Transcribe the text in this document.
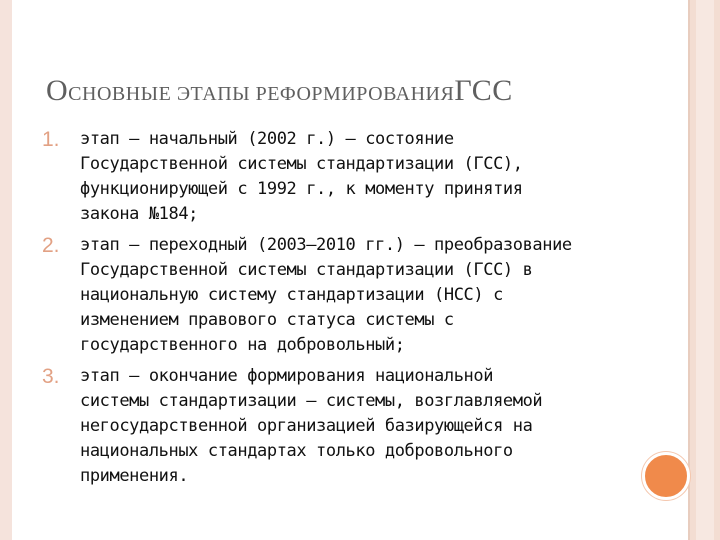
ОСНОВНЫЕ ЭТАПЫ РЕФОРМИРОВАНИЯГСС
1. этап — начальный (2002 г.) — состояние
Государственной системы стандартизации (ГСС),
функционирующей с 1992 г., к моменту принятия
закона №184;
2. этап — переходный (2003—2010 гг.) — преобразование
Государственной системы стандартизации (ГСС) в
национальную систему стандартизации (НСС) с
изменением правового статуса системы с
государственного на добровольный;
3. этап — окончание формирования национальной
системы стандартизации — системы, возглавляемой
негосударственной организацией базирующейся на
национальных стандартах только добровольного
применения.
